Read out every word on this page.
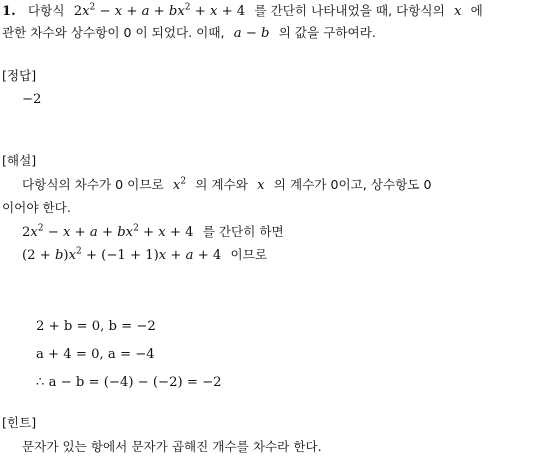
1. 다항식 $2x^2 - x + a + bx^2 + x + 4$ 를 간단히 나타내었을 때, 다항식의 x 에
관한 차수와 상수항이 0 이 되었다. 이때, a − b 의 값을 구하여라.
[정답]
−2
[해설]
다항식의 차수가 0 이므로 $x^2$ 의 계수와 x 의 계수가 0이고, 상수항도 0
이어야 한다.
$2x^2 - x + a + bx^2 + x + 4$ 를 간단히 하면
$(2 + b)x^2 + (-1 + 1)x + a + 4$ 이므로
2 + b = 0, b = −2
a + 4 = 0, a = −4
∴ a − b = (−4) − (−2) = −2
[힌트]
문자가 있는 항에서 문자가 곱해진 개수를 차수라 한다.
